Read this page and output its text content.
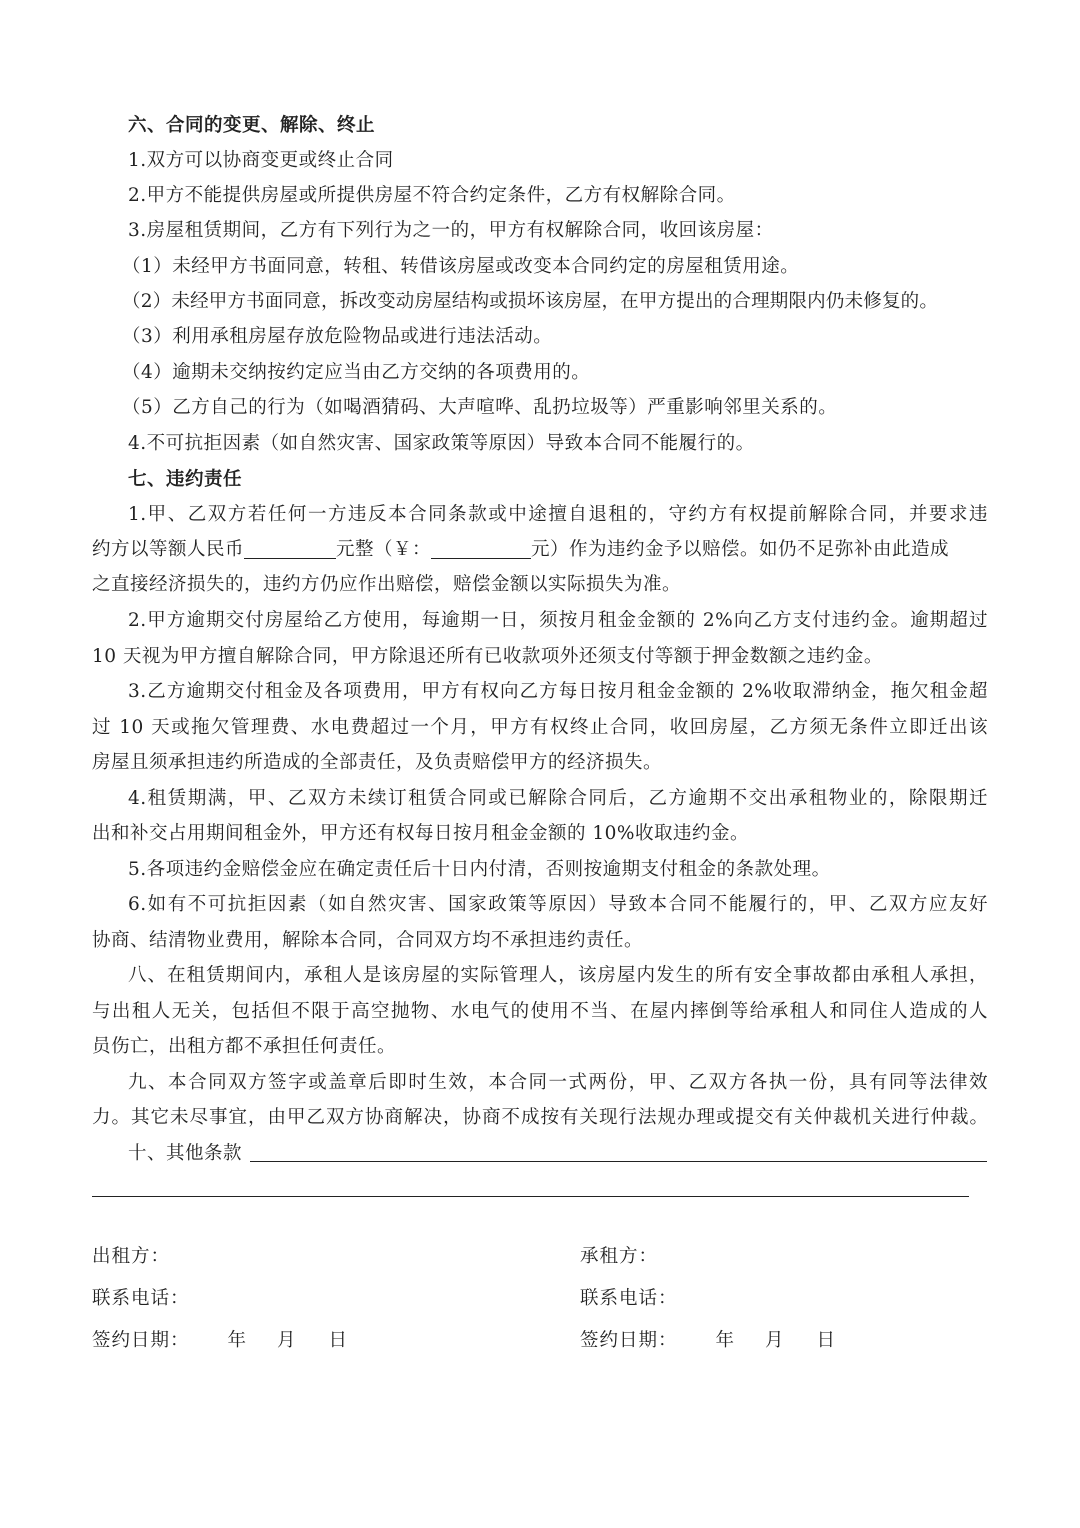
六、合同的变更、解除、终止
1.双方可以协商变更或终止合同
2.甲方不能提供房屋或所提供房屋不符合约定条件，乙方有权解除合同。
3.房屋租赁期间，乙方有下列行为之一的，甲方有权解除合同，收回该房屋：
（1）未经甲方书面同意，转租、转借该房屋或改变本合同约定的房屋租赁用途。
（2）未经甲方书面同意，拆改变动房屋结构或损坏该房屋，在甲方提出的合理期限内仍未修复的。
（3）利用承租房屋存放危险物品或进行违法活动。
（4）逾期未交纳按约定应当由乙方交纳的各项费用的。
（5）乙方自己的行为（如喝酒猜码、大声喧哗、乱扔垃圾等）严重影响邻里关系的。
4.不可抗拒因素（如自然灾害、国家政策等原因）导致本合同不能履行的。
七、违约责任
1.甲、乙双方若任何一方违反本合同条款或中途擅自退租的，守约方有权提前解除合同，并要求违
约方以等额人民币	元整（￥：	元）作为违约金予以赔偿。如仍不足弥补由此造成
之直接经济损失的，违约方仍应作出赔偿，赔偿金额以实际损失为准。
2.甲方逾期交付房屋给乙方使用，每逾期一日，须按月租金金额的 2%向乙方支付违约金。逾期超过
10 天视为甲方擅自解除合同，甲方除退还所有已收款项外还须支付等额于押金数额之违约金。
3.乙方逾期交付租金及各项费用，甲方有权向乙方每日按月租金金额的 2%收取滞纳金，拖欠租金超
过 10 天或拖欠管理费、水电费超过一个月，甲方有权终止合同，收回房屋，乙方须无条件立即迁出该
房屋且须承担违约所造成的全部责任，及负责赔偿甲方的经济损失。
4.租赁期满，甲、乙双方未续订租赁合同或已解除合同后，乙方逾期不交出承租物业的，除限期迁
出和补交占用期间租金外，甲方还有权每日按月租金金额的 10%收取违约金。
5.各项违约金赔偿金应在确定责任后十日内付清，否则按逾期支付租金的条款处理。
6.如有不可抗拒因素（如自然灾害、国家政策等原因）导致本合同不能履行的，甲、乙双方应友好
协商、结清物业费用，解除本合同，合同双方均不承担违约责任。
八、在租赁期间内，承租人是该房屋的实际管理人，该房屋内发生的所有安全事故都由承租人承担，
与出租人无关，包括但不限于高空抛物、水电气的使用不当、在屋内摔倒等给承租人和同住人造成的人
员伤亡，出租方都不承担任何责任。
九、本合同双方签字或盖章后即时生效，本合同一式两份，甲、乙双方各执一份，具有同等法律效
力。其它未尽事宜，由甲乙双方协商解决，协商不成按有关现行法规办理或提交有关仲裁机关进行仲裁。
十、其他条款
出租方：
联系电话：
签约日期： 年 月 日
承租方：
联系电话：
签约日期： 年 月 日
